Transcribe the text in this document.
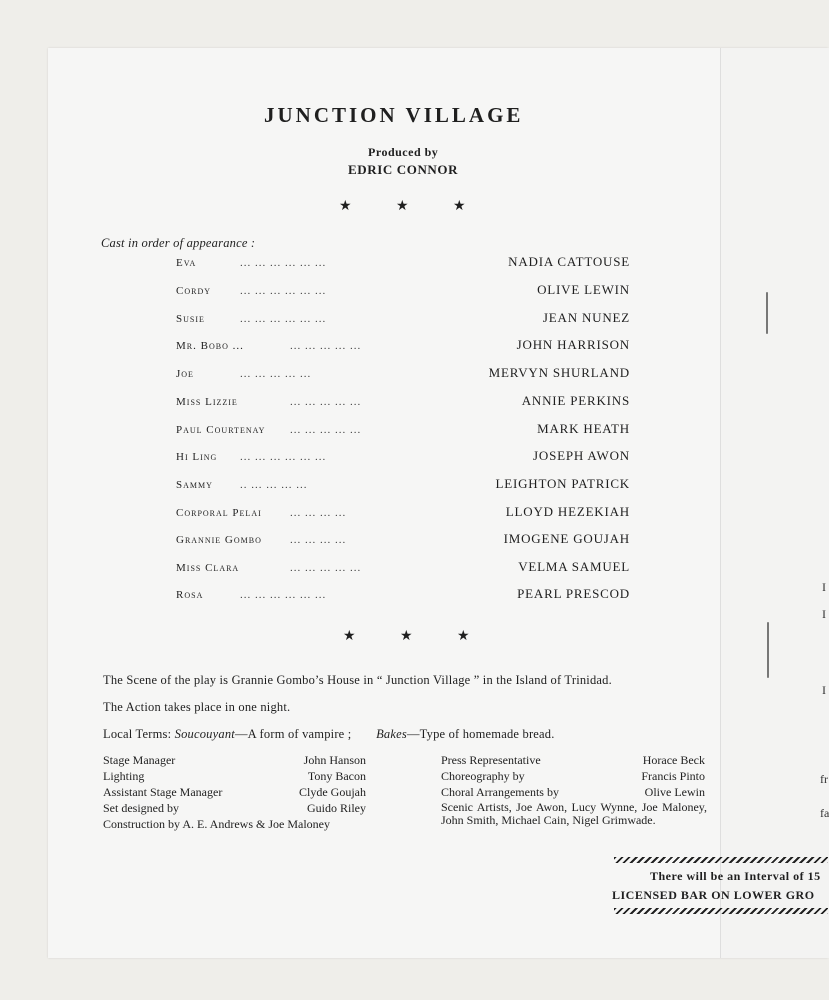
JUNCTION VILLAGE
Produced by
EDRIC CONNOR
★	★	★
Cast in order of appearance :
Eva	... ... ... ... ... ...	NADIA CATTOUSE
Cordy	... ... ... ... ... ...	OLIVE LEWIN
Susie	... ... ... ... ... ...	JEAN NUNEZ
Mr. Bobo ...	... ... ... ... ...	JOHN HARRISON
Joe	... ... ... ... ...	MERVYN SHURLAND
Miss Lizzie	... ... ... ... ...	ANNIE PERKINS
Paul Courtenay ... ... ... ... ...	MARK HEATH
Hi Ling ... ... ... ... ... ...	JOSEPH AWON
Sammy .. ... ... ... ...	LEIGHTON PATRICK
Corporal Pelai	... ... ... ...	LLOYD HEZEKIAH
Grannie Gombo	... ... ... ...	IMOGENE GOUJAH
Miss Clara	... ... ... ... ...	VELMA SAMUEL
Rosa	... ... ... ... ... ...	PEARL PRESCOD
★	★	★
The Scene of the play is Grannie Gombo’s House in “ Junction Village ” in the Island of Trinidad.
The Action takes place in one night.
Local Terms: Soucouyant—A form of vampire ; Bakes—Type of homemade bread.
Stage Manager	John Hanson
Lighting	Tony Bacon
Assistant Stage Manager	Clyde Goujah
Set designed by	Guido Riley
Construction by A. E. Andrews & Joe Maloney
Press Representative	Horace Beck
Choreography by	Francis Pinto
Choral Arrangements by	Olive Lewin
Scenic Artists, Joe Awon, Lucy Wynne, Joe Maloney, John Smith, Michael Cain, Nigel Grimwade.
I
I
I
fr
fa
There will be an Interval of 15
LICENSED BAR ON LOWER GRO
